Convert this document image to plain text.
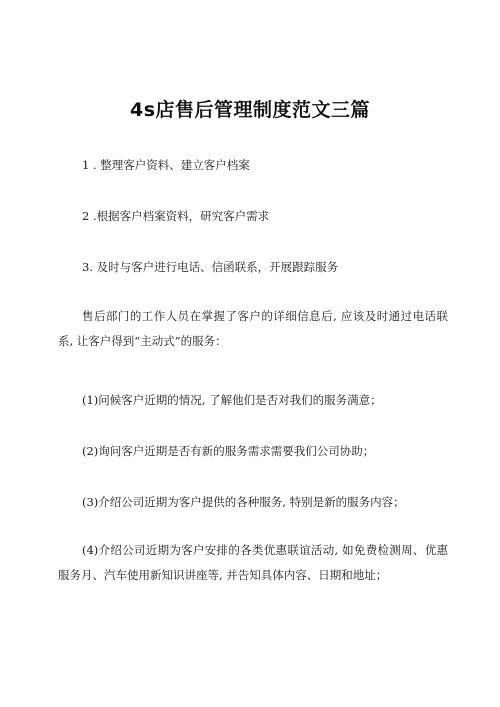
4s店售后管理制度范文三篇
1 . 整理客户资料、建立客户档案
2 .根据客户档案资料，研究客户需求
3. 及时与客户进行电话、信函联系，开展跟踪服务
售后部门的工作人员在掌握了客户的详细信息后, 应该及时通过电话联系, 让客户得到“主动式”的服务：
(1)问候客户近期的情况, 了解他们是否对我们的服务满意；
(2)询问客户近期是否有新的服务需求需要我们公司协助；
(3)介绍公司近期为客户提供的各种服务, 特别是新的服务内容；
(4)介绍公司近期为客户安排的各类优惠联谊活动, 如免费检测周、优惠服务月、汽车使用新知识讲座等, 并告知具体内容、日期和地址；
